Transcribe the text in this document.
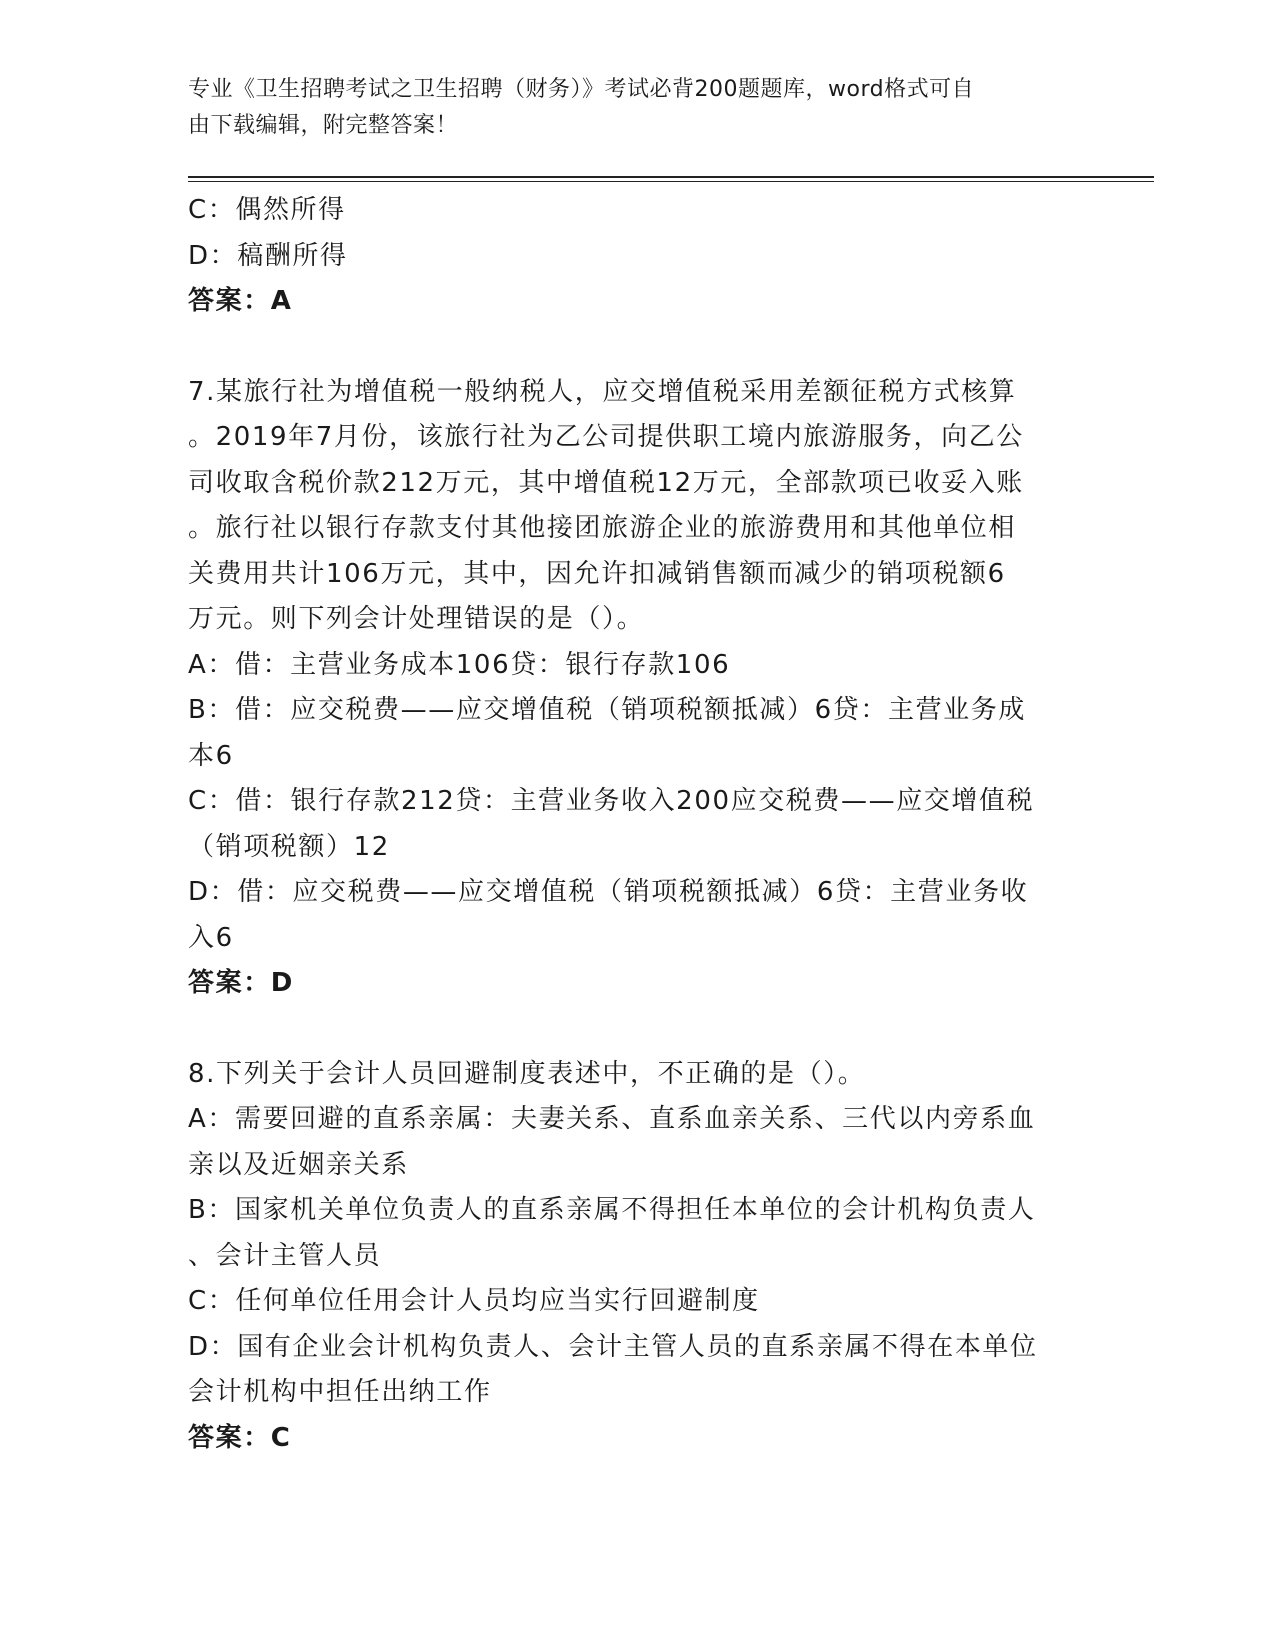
专业《卫生招聘考试之卫生招聘（财务）》考试必背200题题库，word格式可自
由下载编辑，附完整答案！

C：偶然所得

D：稿酬所得

答案：A

7.某旅行社为增值税一般纳税人，应交增值税采用差额征税方式核算

。2019年7月份，该旅行社为乙公司提供职工境内旅游服务，向乙公

司收取含税价款212万元，其中增值税12万元，全部款项已收妥入账

。旅行社以银行存款支付其他接团旅游企业的旅游费用和其他单位相

关费用共计106万元，其中，因允许扣减销售额而减少的销项税额6

万元。则下列会计处理错误的是（）。

A：借：主营业务成本106贷：银行存款106

B：借：应交税费——应交增值税（销项税额抵减）6贷：主营业务成

本6

C：借：银行存款212贷：主营业务收入200应交税费——应交增值税

（销项税额）12

D：借：应交税费——应交增值税（销项税额抵减）6贷：主营业务收

入6

答案：D

8.下列关于会计人员回避制度表述中，不正确的是（）。

A：需要回避的直系亲属：夫妻关系、直系血亲关系、三代以内旁系血

亲以及近姻亲关系

B：国家机关单位负责人的直系亲属不得担任本单位的会计机构负责人

、会计主管人员

C：任何单位任用会计人员均应当实行回避制度

D：国有企业会计机构负责人、会计主管人员的直系亲属不得在本单位

会计机构中担任出纳工作

答案：C
